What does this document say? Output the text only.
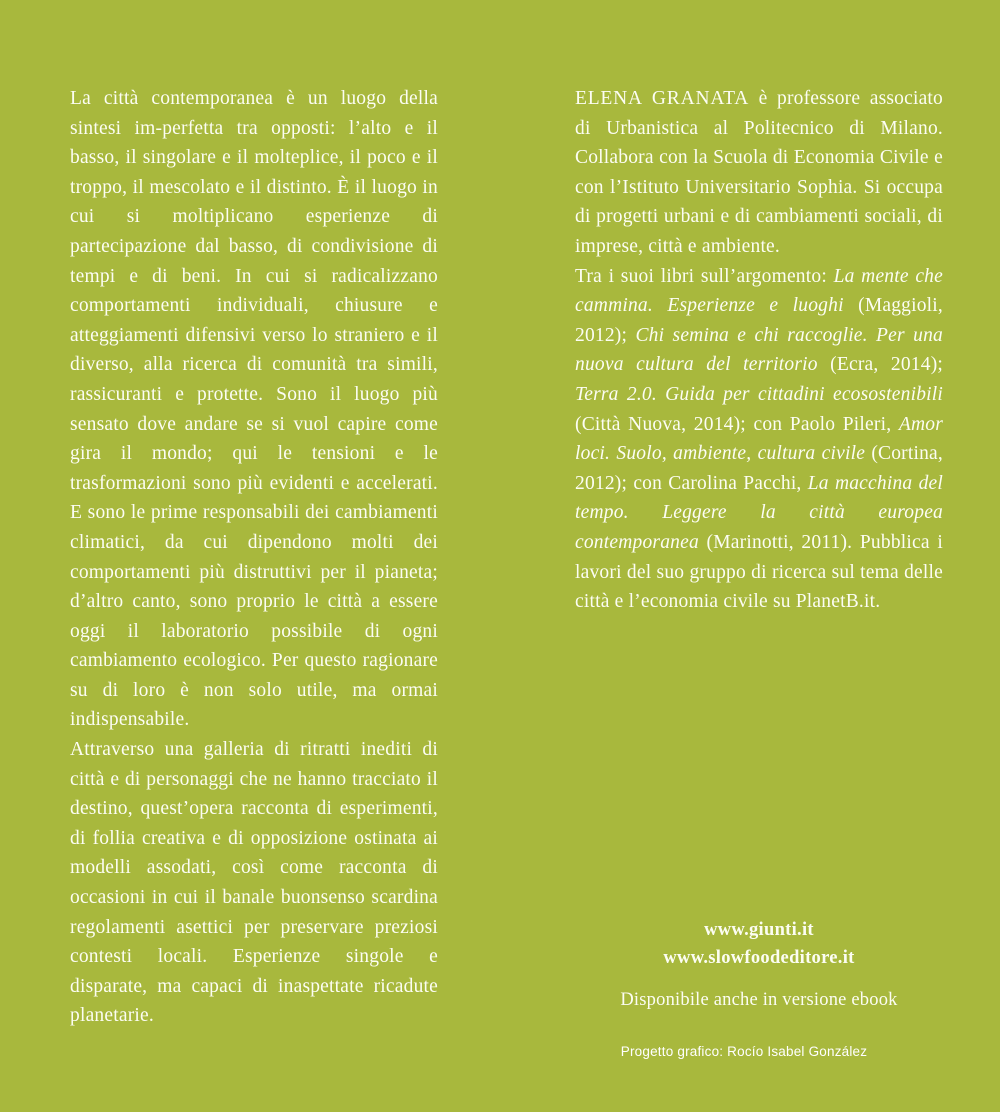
La città contemporanea è un luogo della sintesi im-perfetta tra opposti: l’alto e il basso, il singolare e il molteplice, il poco e il troppo, il mescolato e il distinto. È il luogo in cui si moltiplicano esperienze di partecipazione dal basso, di condivisione di tempi e di beni. In cui si radicalizzano comportamenti individuali, chiusure e atteggiamenti difensivi verso lo straniero e il diverso, alla ricerca di comunità tra simili, rassicuranti e protette. Sono il luogo più sensato dove andare se si vuol capire come gira il mondo; qui le tensioni e le trasformazioni sono più evidenti e accelerati. E sono le prime responsabili dei cambiamenti climatici, da cui dipendono molti dei comportamenti più distruttivi per il pianeta; d’altro canto, sono proprio le città a essere oggi il laboratorio possibile di ogni cambiamento ecologico. Per questo ragionare su di loro è non solo utile, ma ormai indispensabile.

Attraverso una galleria di ritratti inediti di città e di personaggi che ne hanno tracciato il destino, quest’opera racconta di esperimenti, di follia creativa e di opposizione ostinata ai modelli assodati, così come racconta di occasioni in cui il banale buonsenso scardina regolamenti asettici per preservare preziosi contesti locali. Esperienze singole e disparate, ma capaci di inaspettate ricadute planetarie.

ELENA GRANATA è professore associato di Urbanistica al Politecnico di Milano. Collabora con la Scuola di Economia Civile e con l’Istituto Universitario Sophia. Si occupa di progetti urbani e di cambiamenti sociali, di imprese, città e ambiente.

Tra i suoi libri sull’argomento: La mente che cammina. Esperienze e luoghi (Maggioli, 2012); Chi semina e chi raccoglie. Per una nuova cultura del territorio (Ecra, 2014); Terra 2.0. Guida per cittadini ecosostenibili (Città Nuova, 2014); con Paolo Pileri, Amor loci. Suolo, ambiente, cultura civile (Cortina, 2012); con Carolina Pacchi, La macchina del tempo. Leggere la città europea contemporanea (Marinotti, 2011). Pubblica i lavori del suo gruppo di ricerca sul tema delle città e l’economia civile su PlanetB.it.

www.giunti.it
www.slowfoodeditore.it
Disponibile anche in versione ebook
Progetto grafico: Rocío Isabel González
